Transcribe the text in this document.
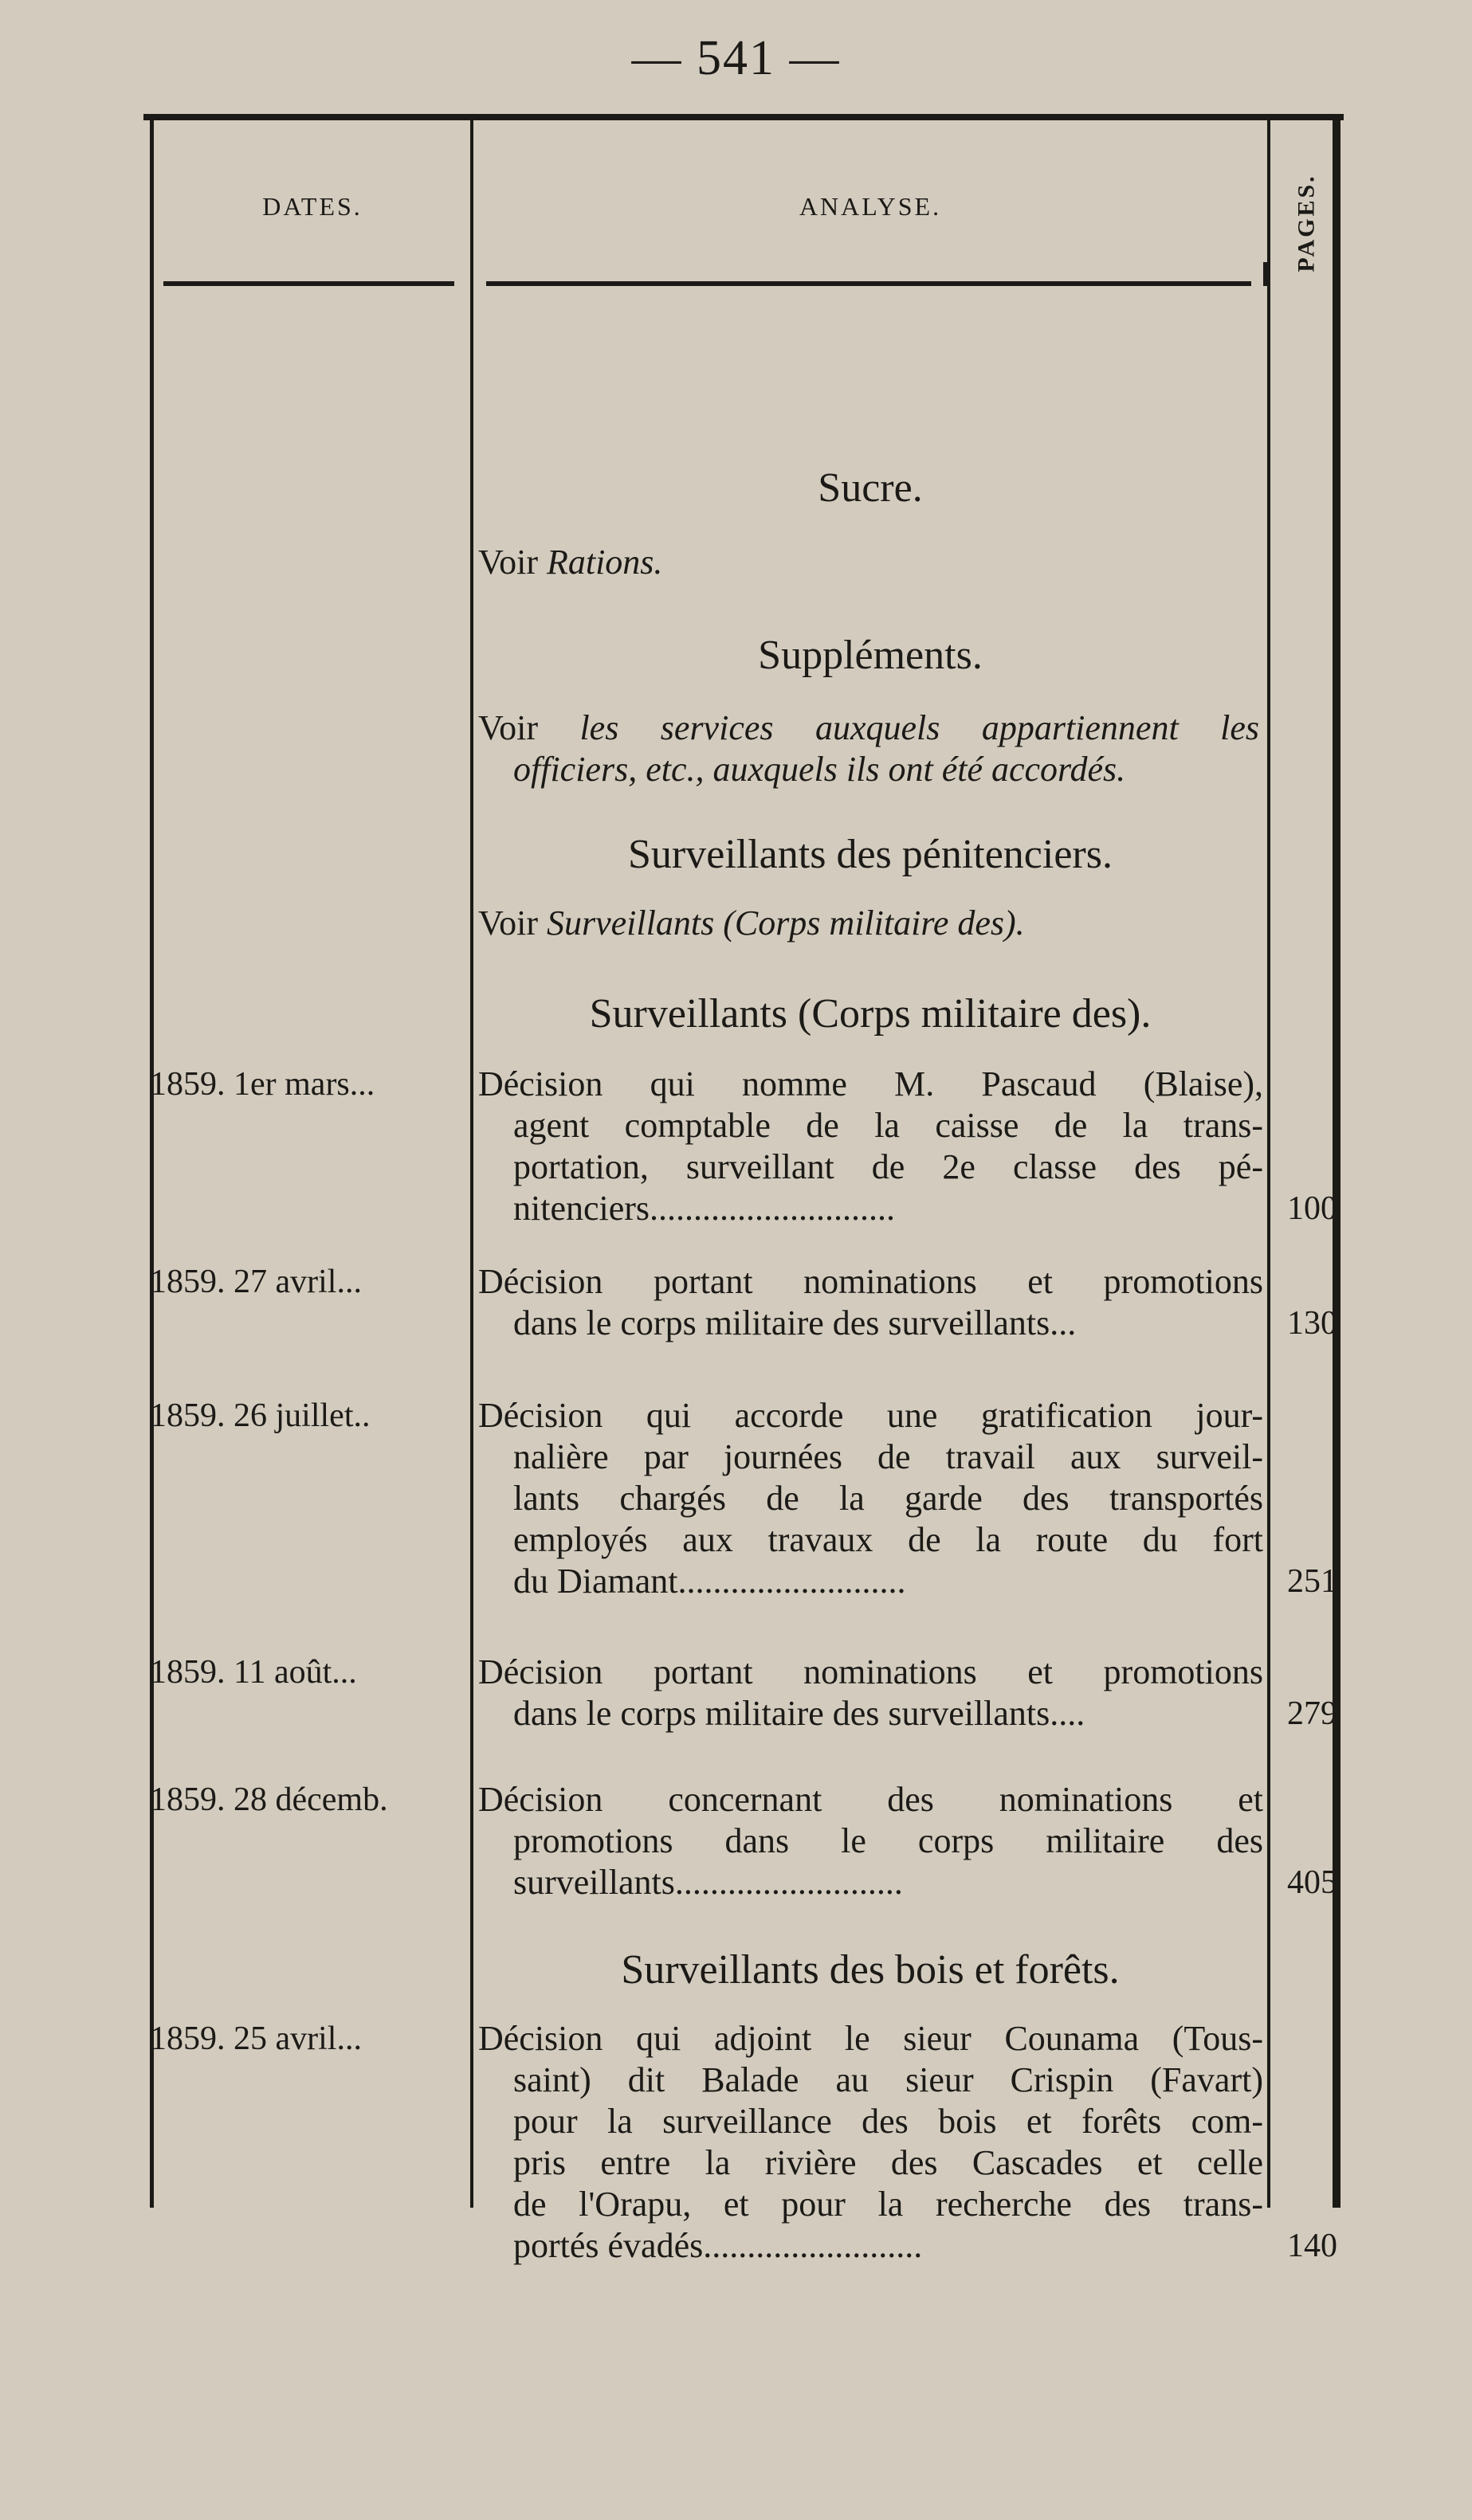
— 541 —
DATES.	ANALYSE.	PAGES.
Sucre.
Voir Rations.
Suppléments.
Voir les services auxquels appartiennent les
officiers, etc., auxquels ils ont été accordés.
Surveillants des pénitenciers.
Voir Surveillants (Corps militaire des).
Surveillants (Corps militaire des).
1859. 1er mars...	Décision qui nomme M. Pascaud (Blaise),
agent comptable de la caisse de la trans-
portation, surveillant de 2e classe des pé-
nitenciers............................	100
1859. 27 avril...	Décision portant nominations et promotions
dans le corps militaire des surveillants...	130
1859. 26 juillet..	Décision qui accorde une gratification jour-
nalière par journées de travail aux surveil-
lants chargés de la garde des transportés
employés aux travaux de la route du fort
du Diamant..........................	251
1859. 11 août...	Décision portant nominations et promotions
dans le corps militaire des surveillants....	279
1859. 28 décemb.	Décision concernant des nominations et
promotions dans le corps militaire des
surveillants..........................	405
Surveillants des bois et forêts.
1859. 25 avril...	Décision qui adjoint le sieur Counama (Tous-
saint) dit Balade au sieur Crispin (Favart)
pour la surveillance des bois et forêts com-
pris entre la rivière des Cascades et celle
de l'Orapu, et pour la recherche des trans-
portés évadés.........................	140
